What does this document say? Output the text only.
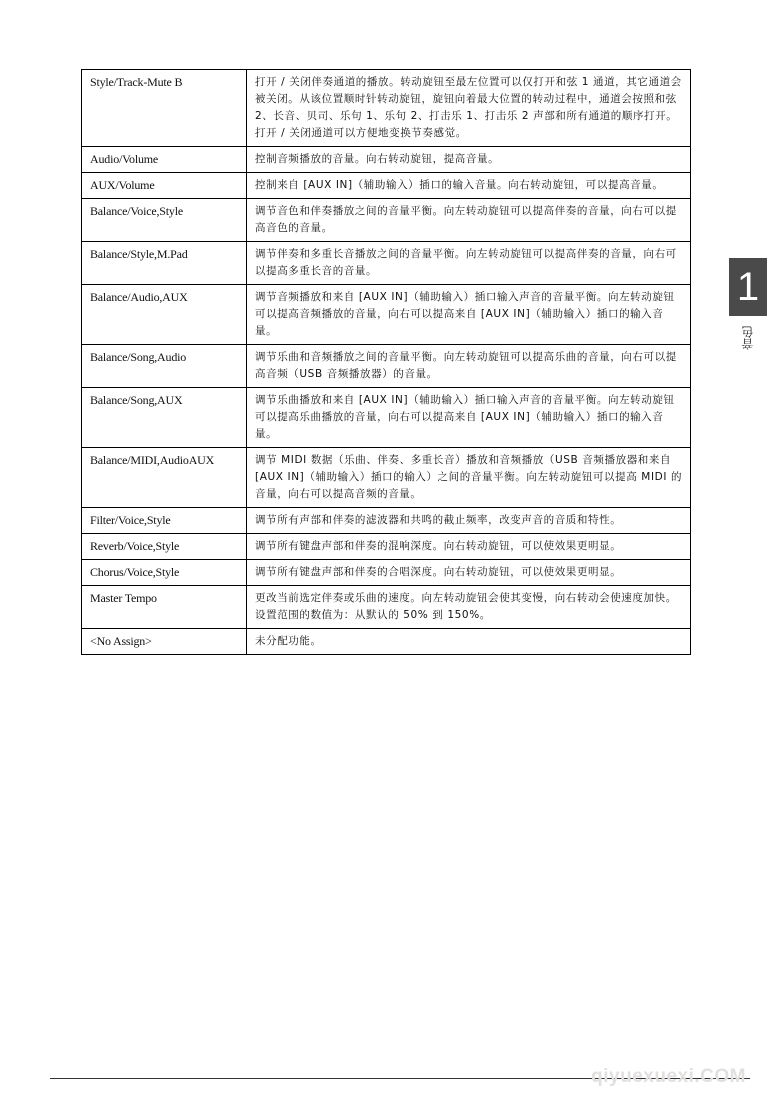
Style/Track-Mute B	打开 / 关闭伴奏通道的播放。转动旋钮至最左位置可以仅打开和弦 1 通道，其它通道会被关闭。从该位置顺时针转动旋钮，旋钮向着最大位置的转动过程中，通道会按照和弦 2、长音、贝司、乐句 1、乐句 2、打击乐 1、打击乐 2 声部和所有通道的顺序打开。打开 / 关闭通道可以方便地变换节奏感觉。
Audio/Volume	控制音频播放的音量。向右转动旋钮，提高音量。
AUX/Volume	控制来自 [AUX IN]（辅助输入）插口的输入音量。向右转动旋钮，可以提高音量。
Balance/Voice,Style	调节音色和伴奏播放之间的音量平衡。向左转动旋钮可以提高伴奏的音量，向右可以提高音色的音量。
Balance/Style,M.Pad	调节伴奏和多重长音播放之间的音量平衡。向左转动旋钮可以提高伴奏的音量，向右可以提高多重长音的音量。
Balance/Audio,AUX	调节音频播放和来自 [AUX IN]（辅助输入）插口输入声音的音量平衡。向左转动旋钮可以提高音频播放的音量，向右可以提高来自 [AUX IN]（辅助输入）插口的输入音量。
Balance/Song,Audio	调节乐曲和音频播放之间的音量平衡。向左转动旋钮可以提高乐曲的音量，向右可以提高音频（USB 音频播放器）的音量。
Balance/Song,AUX	调节乐曲播放和来自 [AUX IN]（辅助输入）插口输入声音的音量平衡。向左转动旋钮可以提高乐曲播放的音量，向右可以提高来自 [AUX IN]（辅助输入）插口的输入音量。
Balance/MIDI,AudioAUX	调节 MIDI 数据（乐曲、伴奏、多重长音）播放和音频播放（USB 音频播放器和来自 [AUX IN]（辅助输入）插口的输入）之间的音量平衡。向左转动旋钮可以提高 MIDI 的音量，向右可以提高音频的音量。
Filter/Voice,Style	调节所有声部和伴奏的滤波器和共鸣的截止频率，改变声音的音质和特性。
Reverb/Voice,Style	调节所有键盘声部和伴奏的混响深度。向右转动旋钮，可以使效果更明显。
Chorus/Voice,Style	调节所有键盘声部和伴奏的合唱深度。向右转动旋钮，可以使效果更明显。
Master Tempo	更改当前选定伴奏或乐曲的速度。向左转动旋钮会使其变慢，向右转动会使速度加快。设置范围的数值为：从默认的 50% 到 150%。
<No Assign>	未分配功能。
1
音色
qiyuexuexi.COM
